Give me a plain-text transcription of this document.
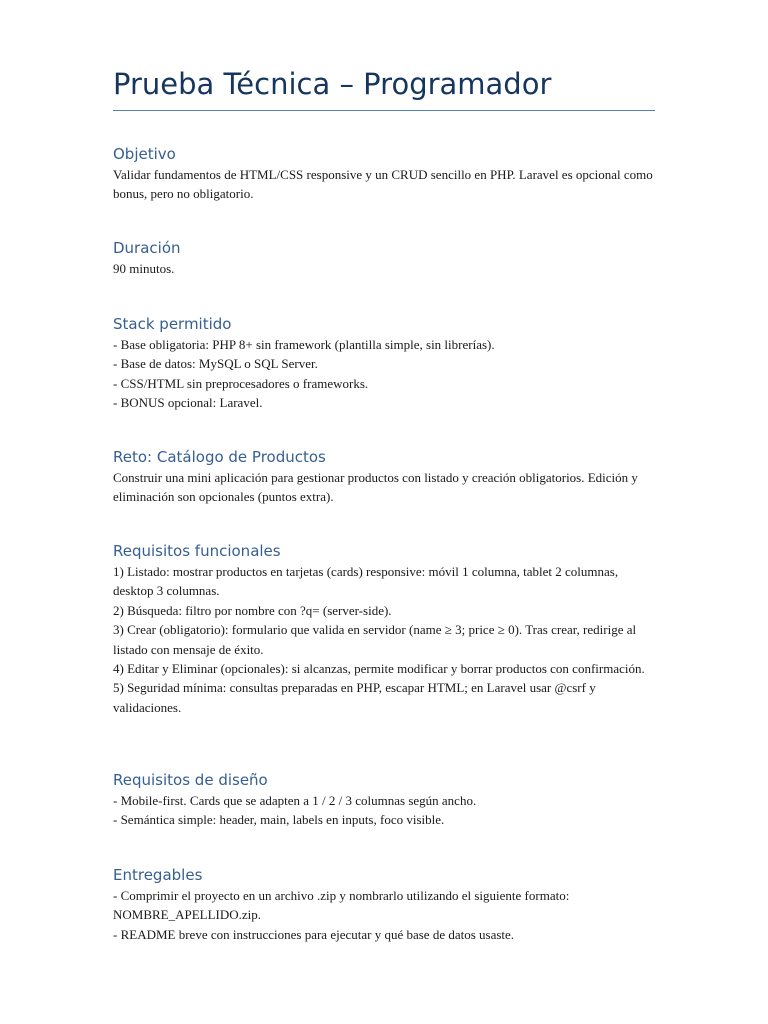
Prueba Técnica – Programador
Objetivo

Validar fundamentos de HTML/CSS responsive y un CRUD sencillo en PHP. Laravel es opcional como bonus, pero no obligatorio.

Duración

90 minutos.

Stack permitido

- Base obligatoria: PHP 8+ sin framework (plantilla simple, sin librerías).

- Base de datos: MySQL o SQL Server.

- CSS/HTML sin preprocesadores o frameworks.

- BONUS opcional: Laravel.

Reto: Catálogo de Productos

Construir una mini aplicación para gestionar productos con listado y creación obligatorios. Edición y eliminación son opcionales (puntos extra).

Requisitos funcionales

1) Listado: mostrar productos en tarjetas (cards) responsive: móvil 1 columna, tablet 2 columnas, desktop 3 columnas.

2) Búsqueda: filtro por nombre con ?q= (server-side).

3) Crear (obligatorio): formulario que valida en servidor (name ≥ 3; price ≥ 0). Tras crear, redirige al listado con mensaje de éxito.

4) Editar y Eliminar (opcionales): si alcanzas, permite modificar y borrar productos con confirmación.

5) Seguridad mínima: consultas preparadas en PHP, escapar HTML; en Laravel usar @csrf y validaciones.

Requisitos de diseño

- Mobile-first. Cards que se adapten a 1 / 2 / 3 columnas según ancho.

- Semántica simple: header, main, labels en inputs, foco visible.

Entregables

- Comprimir el proyecto en un archivo .zip y nombrarlo utilizando el siguiente formato: NOMBRE_APELLIDO.zip.

- README breve con instrucciones para ejecutar y qué base de datos usaste.
